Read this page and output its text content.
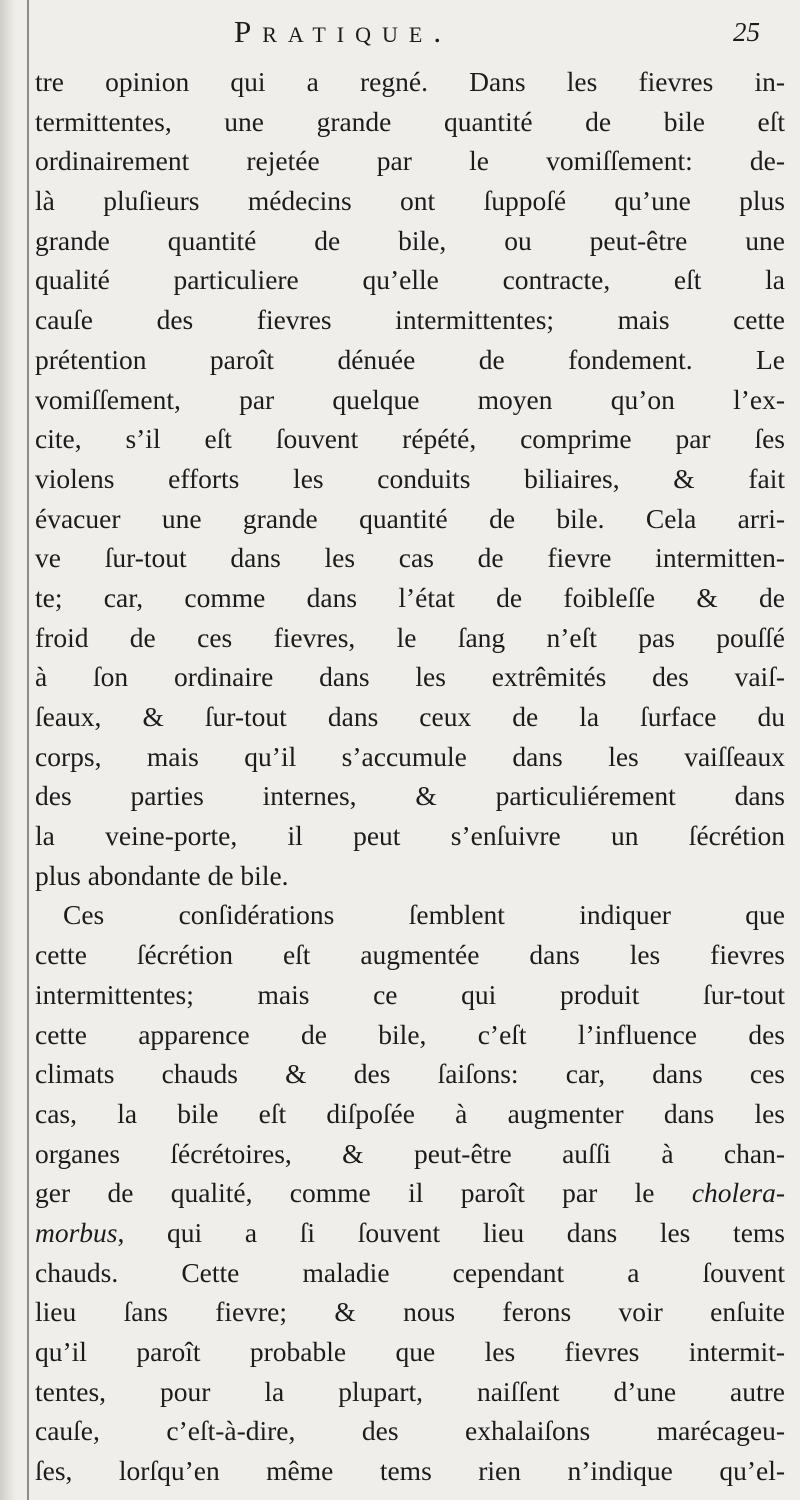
Pratique.	25
tre opinion qui a regné. Dans les fievres in-
termittentes, une grande quantité de bile eſt
ordinairement rejetée par le vomiſſement: de-
là pluſieurs médecins ont ſuppoſé qu’une plus
grande quantité de bile, ou peut-être une
qualité particuliere qu’elle contracte, eſt la
cauſe des fievres intermittentes; mais cette
prétention paroît dénuée de fondement. Le
vomiſſement, par quelque moyen qu’on l’ex-
cite, s’il eſt ſouvent répété, comprime par ſes
violens efforts les conduits biliaires, & fait
évacuer une grande quantité de bile. Cela arri-
ve ſur-tout dans les cas de fievre intermitten-
te; car, comme dans l’état de foibleſſe & de
froid de ces fievres, le ſang n’eſt pas pouſſé
à ſon ordinaire dans les extrêmités des vaiſ-
ſeaux, & ſur-tout dans ceux de la ſurface du
corps, mais qu’il s’accumule dans les vaiſſeaux
des parties internes, & particuliérement dans
la veine-porte, il peut s’enſuivre un ſécrétion
plus abondante de bile.
Ces conſidérations ſemblent indiquer que
cette ſécrétion eſt augmentée dans les fievres
intermittentes; mais ce qui produit ſur-tout
cette apparence de bile, c’eſt l’influence des
climats chauds & des ſaiſons: car, dans ces
cas, la bile eſt diſpoſée à augmenter dans les
organes ſécrétoires, & peut-être auſſi à chan-
ger de qualité, comme il paroît par le cholera-
morbus, qui a ſi ſouvent lieu dans les tems
chauds. Cette maladie cependant a ſouvent
lieu ſans fievre; & nous ferons voir enſuite
qu’il paroît probable que les fievres intermit-
tentes, pour la plupart, naiſſent d’une autre
cauſe, c’eſt-à-dire, des exhalaiſons marécageu-
ſes, lorſqu’en même tems rien n’indique qu’el-
